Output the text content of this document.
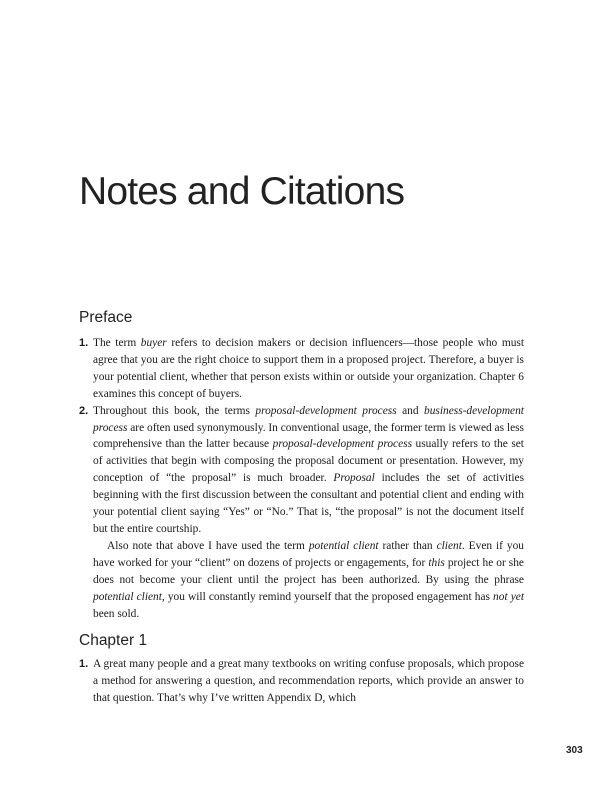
Notes and Citations
Preface
1. The term buyer refers to decision makers or decision influencers—those people who must agree that you are the right choice to support them in a proposed project. Therefore, a buyer is your potential client, whether that person exists within or outside your organization. Chapter 6 examines this concept of buyers.

2. Throughout this book, the terms proposal-development process and business-development process are often used synonymously. In conventional usage, the former term is viewed as less comprehensive than the latter because proposal-development process usually refers to the set of activities that begin with composing the proposal document or presentation. However, my conception of “the proposal” is much broader. Proposal includes the set of activities beginning with the first discussion between the consultant and potential client and ending with your potential client saying “Yes” or “No.” That is, “the proposal” is not the document itself but the entire courtship.

Also note that above I have used the term potential client rather than client. Even if you have worked for your “client” on dozens of projects or engagements, for this project he or she does not become your client until the project has been authorized. By using the phrase potential client, you will constantly remind yourself that the proposed engagement has not yet been sold.

Chapter 1
1. A great many people and a great many textbooks on writing confuse proposals, which propose a method for answering a question, and recommendation reports, which provide an answer to that question. That’s why I’ve written Appendix D, which

303
